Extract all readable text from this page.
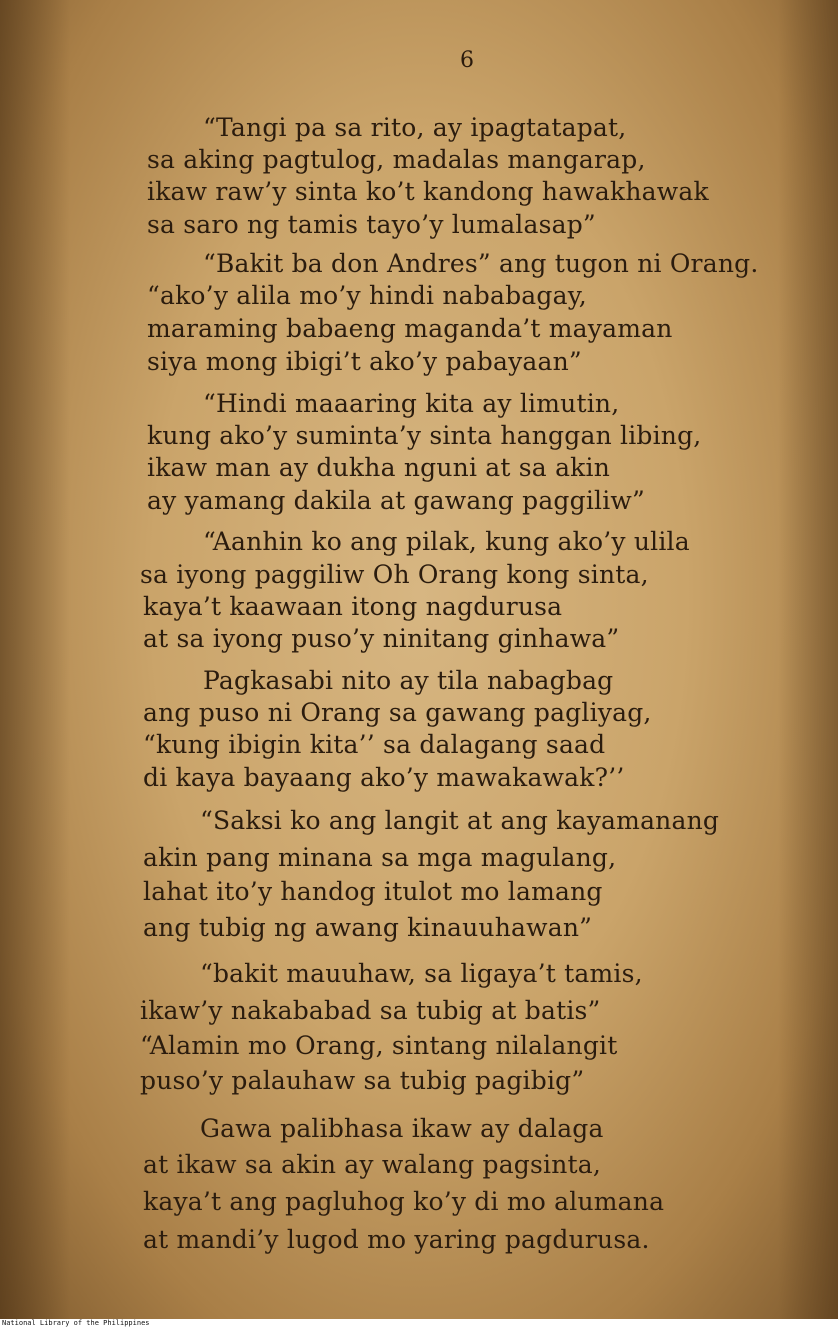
6
“Tangi pa sa rito, ay ipagtatapat,
sa aking pagtulog, madalas mangarap,
ikaw raw’y sinta ko’t kandong hawakhawak
sa saro ng tamis tayo’y lumalasap”
“Bakit ba don Andres” ang tugon ni Orang.
“ako’y alila mo’y hindi nababagay,
maraming babaeng maganda’t mayaman
siya mong ibigi’t ako’y pabayaan”
“Hindi maaaring kita ay limutin,
kung ako’y suminta’y sinta hanggan libing,
ikaw man ay dukha nguni at sa akin
ay yamang dakila at gawang paggiliw”
“Aanhin ko ang pilak, kung ako’y ulila
sa iyong paggiliw Oh Orang kong sinta,
kaya’t kaawaan itong nagdurusa
at sa iyong puso’y ninitang ginhawa”
Pagkasabi nito ay tila nabagbag
ang puso ni Orang sa gawang pagliyag,
“kung ibigin kita’’ sa dalagang saad
di kaya bayaang ako’y mawakawak?’’
“Saksi ko ang langit at ang kayamanang
akin pang minana sa mga magulang,
lahat ito’y handog itulot mo lamang
ang tubig ng awang kinauuhawan”
“bakit mauuhaw, sa ligaya’t tamis,
ikaw’y nakababad sa tubig at batis”
“Alamin mo Orang, sintang nilalangit
puso’y palauhaw sa tubig pagibig”
Gawa palibhasa ikaw ay dalaga
at ikaw sa akin ay walang pagsinta,
kaya’t ang pagluhog ko’y di mo alumana
at mandi’y lugod mo yaring pagdurusa.
National Library of the Philippines
